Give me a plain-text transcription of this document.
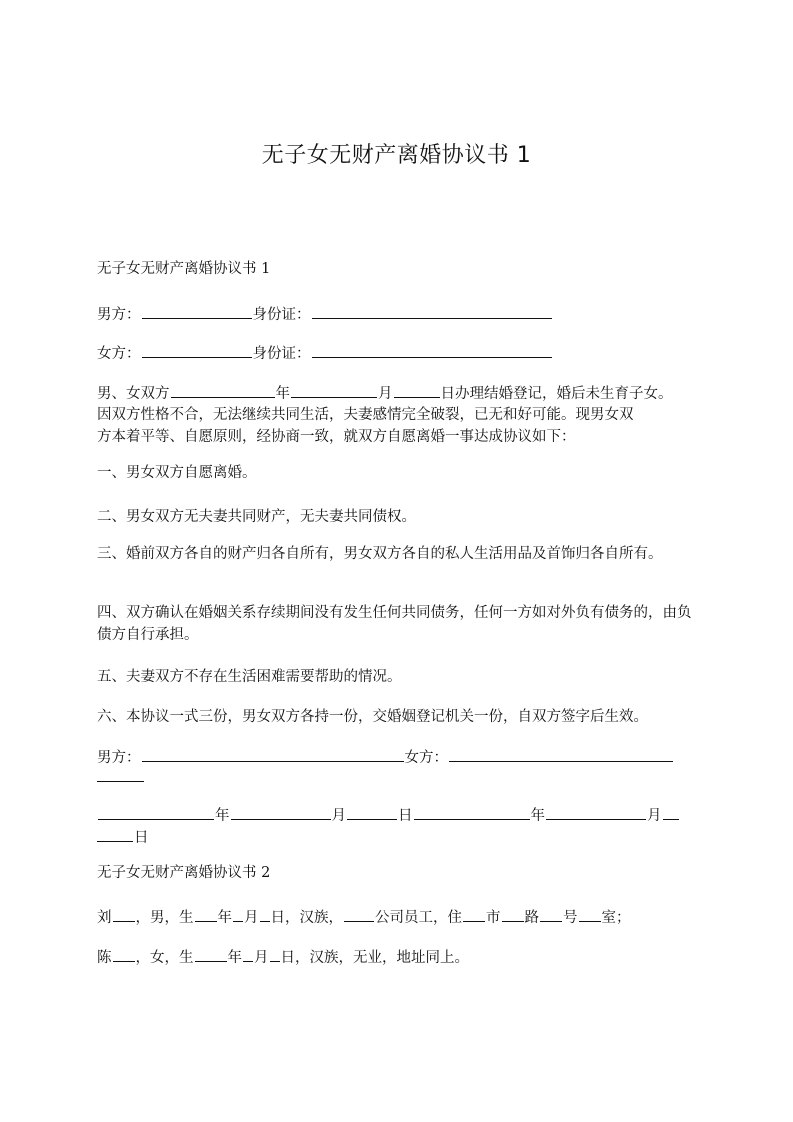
无子女无财产离婚协议书 1
无子女无财产离婚协议书 1
男方：	身份证：
女方：	身份证：
男、女双方	年	月	日办理结婚登记，婚后未生育子女。
因双方性格不合，无法继续共同生活，夫妻感情完全破裂，已无和好可能。现男女双
方本着平等、自愿原则，经协商一致，就双方自愿离婚一事达成协议如下：
一、男女双方自愿离婚。
二、男女双方无夫妻共同财产，无夫妻共同债权。
三、婚前双方各自的财产归各自所有，男女双方各自的私人生活用品及首饰归各自所有。
四、双方确认在婚姻关系存续期间没有发生任何共同债务，任何一方如对外负有债务的，由负债方自行承担。
五、夫妻双方不存在生活困难需要帮助的情况。
六、本协议一式三份，男女双方各持一份，交婚姻登记机关一份，自双方签字后生效。
男方：	女方：
年	月	日	年	月
日
无子女无财产离婚协议书 2
刘 ，男，生 年 月 日，汉族， 公司员工，住 市 路 号 室；
陈 ，女，生 年 月 日，汉族，无业，地址同上。
